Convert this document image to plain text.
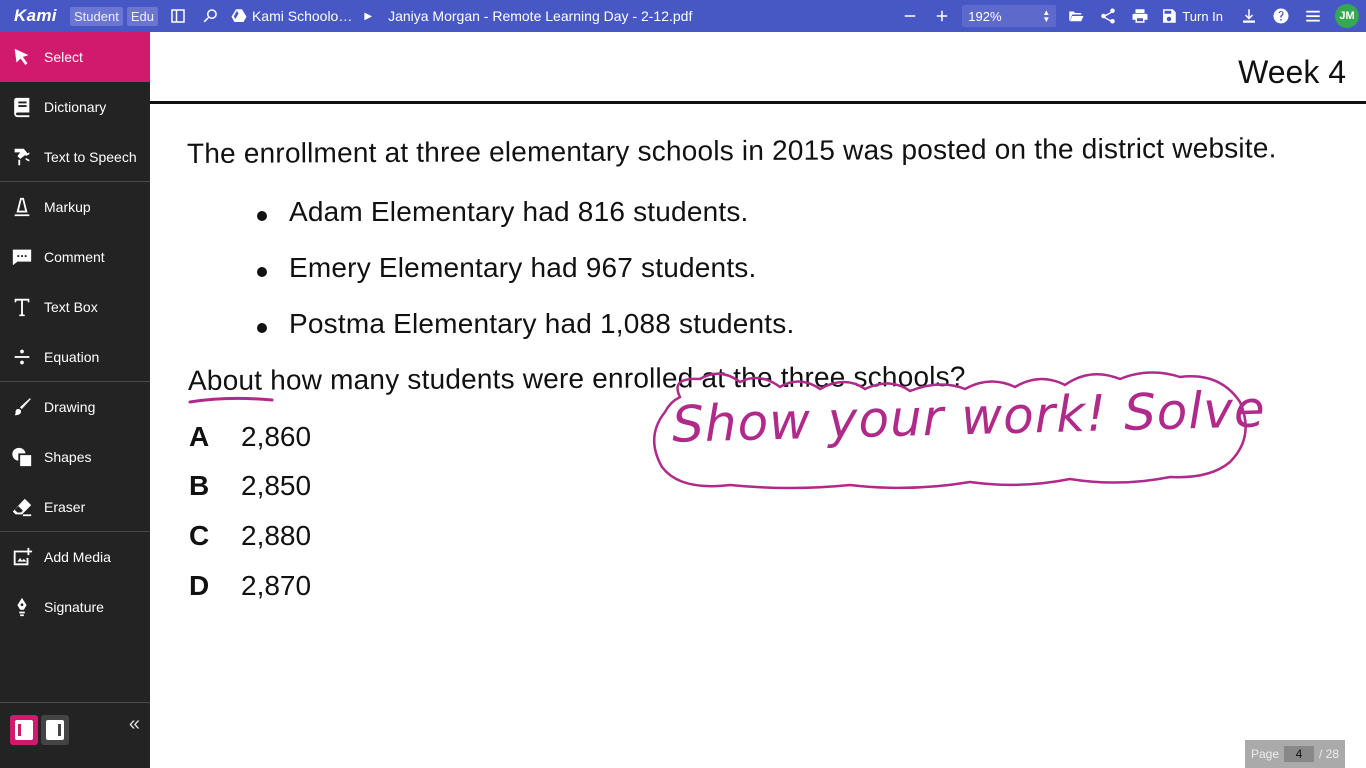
Kami	Student Edu	Kami Schoolo… ▶ Janiya Morgan - Remote Learning Day - 2-12.pdf	192%	▲
▼	Turn In	JM
Select
Dictionary
Text to Speech
Markup
Comment
Text Box
Equation
Drawing
Shapes
Eraser
Add Media
Signature
«
Week 4
The enrollment at three elementary schools in 2015 was posted on the district website.
Adam Elementary had 816 students.
Emery Elementary had 967 students.
Postma Elementary had 1,088 students.
About how many students were enrolled at the three schools?
A 2,860
B 2,850
C 2,880
D 2,870
Show your work! Solve
Page	4	/ 28
